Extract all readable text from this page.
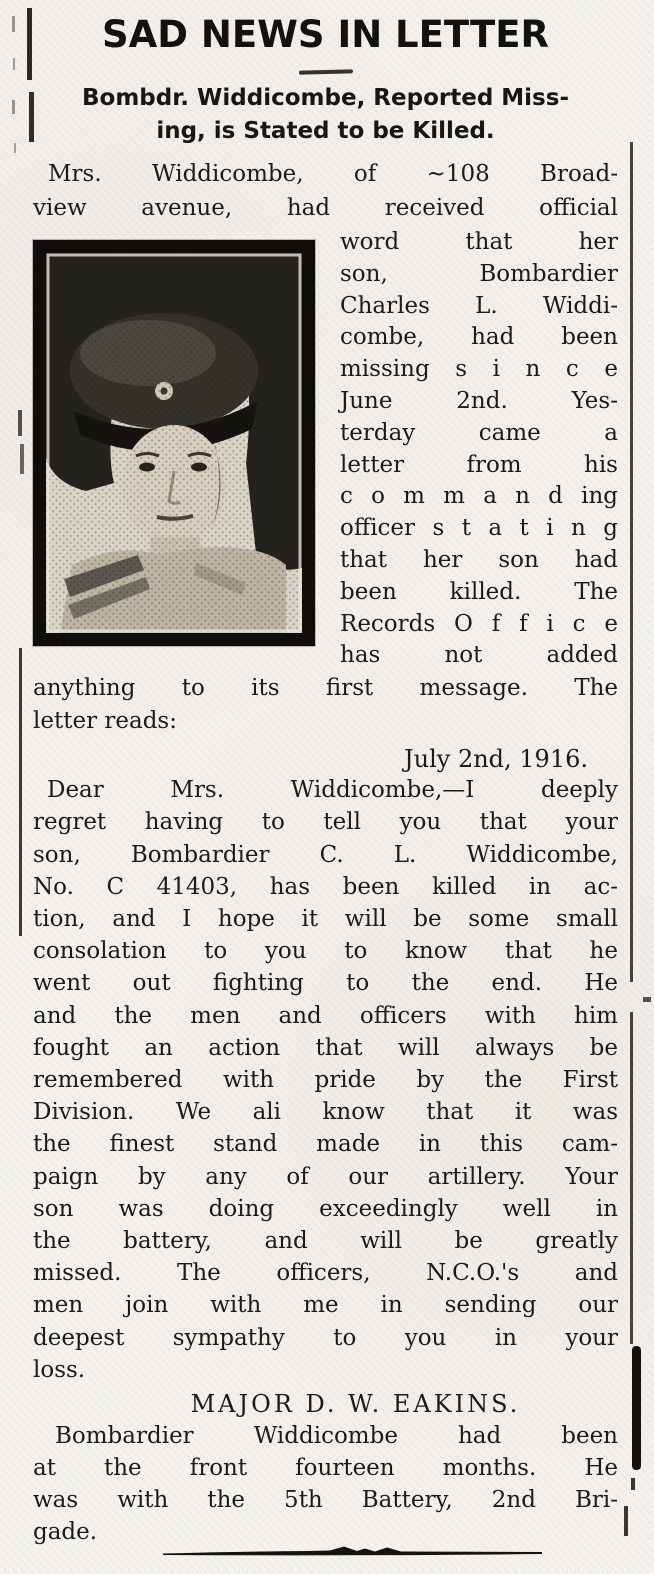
SAD NEWS IN LETTER
Bombdr. Widdicombe, Reported Miss-
ing, is Stated to be Killed.
Mrs. Widdicombe, of ~108 Broad-
view avenue, had received official
word that her
son, Bombardier
Charles L. Widdi-
combe, had been
missing s i n c e
June 2nd. Yes-
terday came a
letter from his
c o m m a n d ing
officer s t a t i n g
that her son had
been killed. The
Records O f f i c e
has not added
anything to its first message. The
letter reads:
July 2nd, 1916.
Dear Mrs. Widdicombe,—I deeply
regret having to tell you that your
son, Bombardier C. L. Widdicombe,
No. C 41403, has been killed in ac-
tion, and I hope it will be some small
consolation to you to know that he
went out fighting to the end. He
and the men and officers with him
fought an action that will always be
remembered with pride by the First
Division. We ali know that it was
the finest stand made in this cam-
paign by any of our artillery. Your
son was doing exceedingly well in
the battery, and will be greatly
missed. The officers, N.C.O.'s and
men join with me in sending our
deepest sympathy to you in your
loss.
MAJOR D. W. EAKINS.
Bombardier Widdicombe had been
at the front fourteen months. He
was with the 5th Battery, 2nd Bri-
gade.
